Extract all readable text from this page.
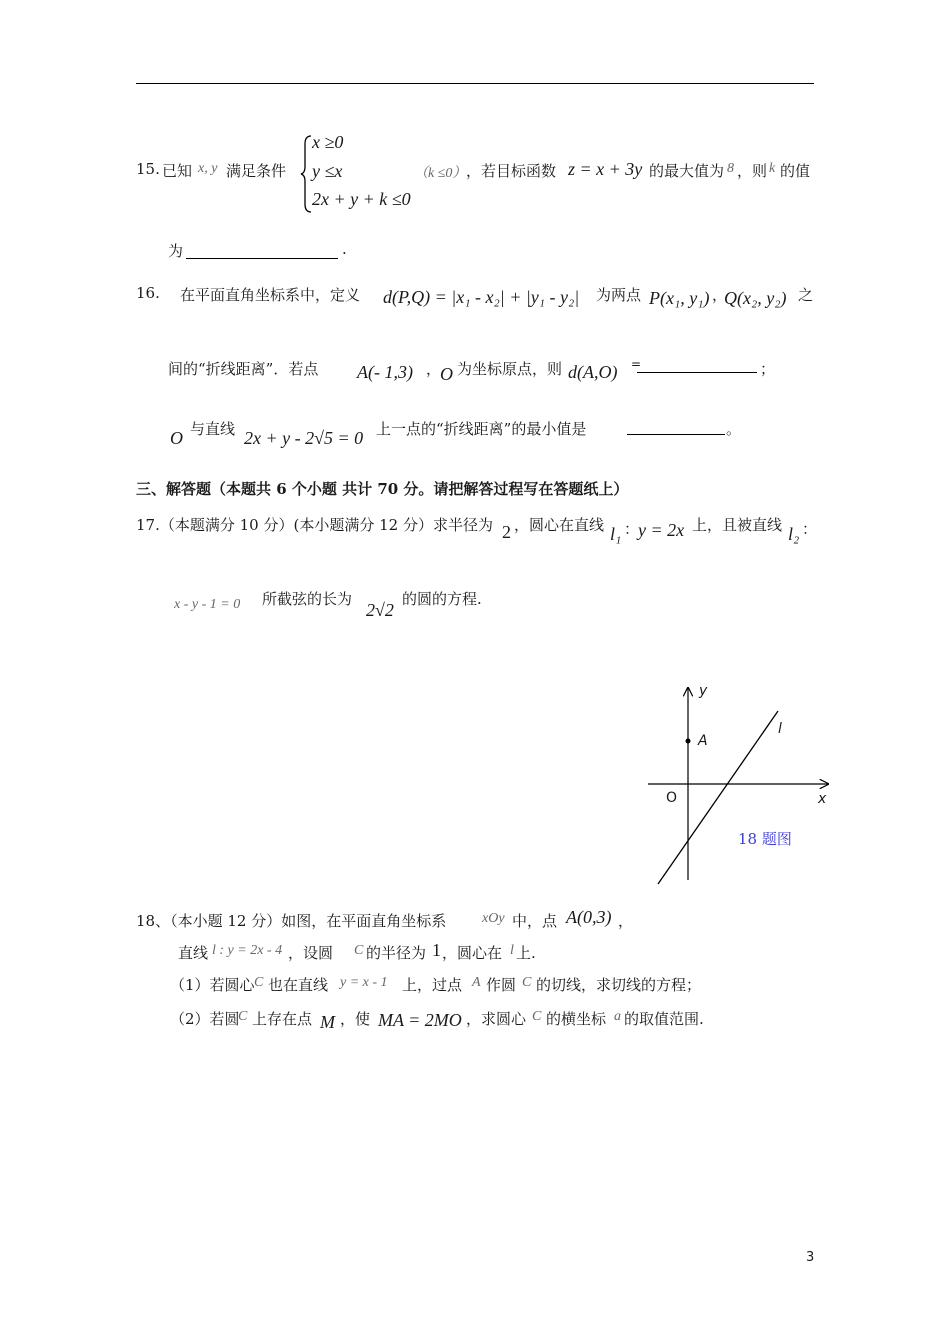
15. 已知 x, y 满足条件
x ≥0
y ≤x
2x + y + k ≤0
（k ≤0） ，若目标函数 z = x + 3y 的最大值为 8 ，则 k 的值
为	.
16. 在平面直角坐标系中，定义 d(P,Q) = |x₁ - x₂| + |y₁ - y₂| 为两点 P(x₁, y₁) ，
Q(x₂, y₂) 之
间的“折线距离”．若点 A(- 1,3) ，
O 为坐标原点，则 d(A,O) =	；
O 与直线 2x + y - 2√5 = 0 上一点的“折线距离”的最小值是	。
三、解答题（本题共 6 个小题 共计 70 分。请把解答过程写在答题纸上）
17.（本题满分 10 分）(本小题满分 12 分）求半径为 2 ，圆心在直线 l₁ ：
y = 2x 上，且被直线 l₂ ：
x - y - 1 = 0 所截弦的长为
2√2
的圆的方程.
y
x
O
A
l
18 题图
18、（本小题 12 分）如图，在平面直角坐标系	xOy 中，点 A(0,3) ，
直线 l : y = 2x - 4 ，设圆 C 的半径为 1 ，圆心在 l 上.
（1）若圆心 C 也在直线 y = x - 1 上，过点 A 作圆 C 的切线，求切线的方程；
（2）若圆
C 上存在点 M ，使 MA = 2MO ，求圆心 C 的横坐标 a 的取值范围.
3
